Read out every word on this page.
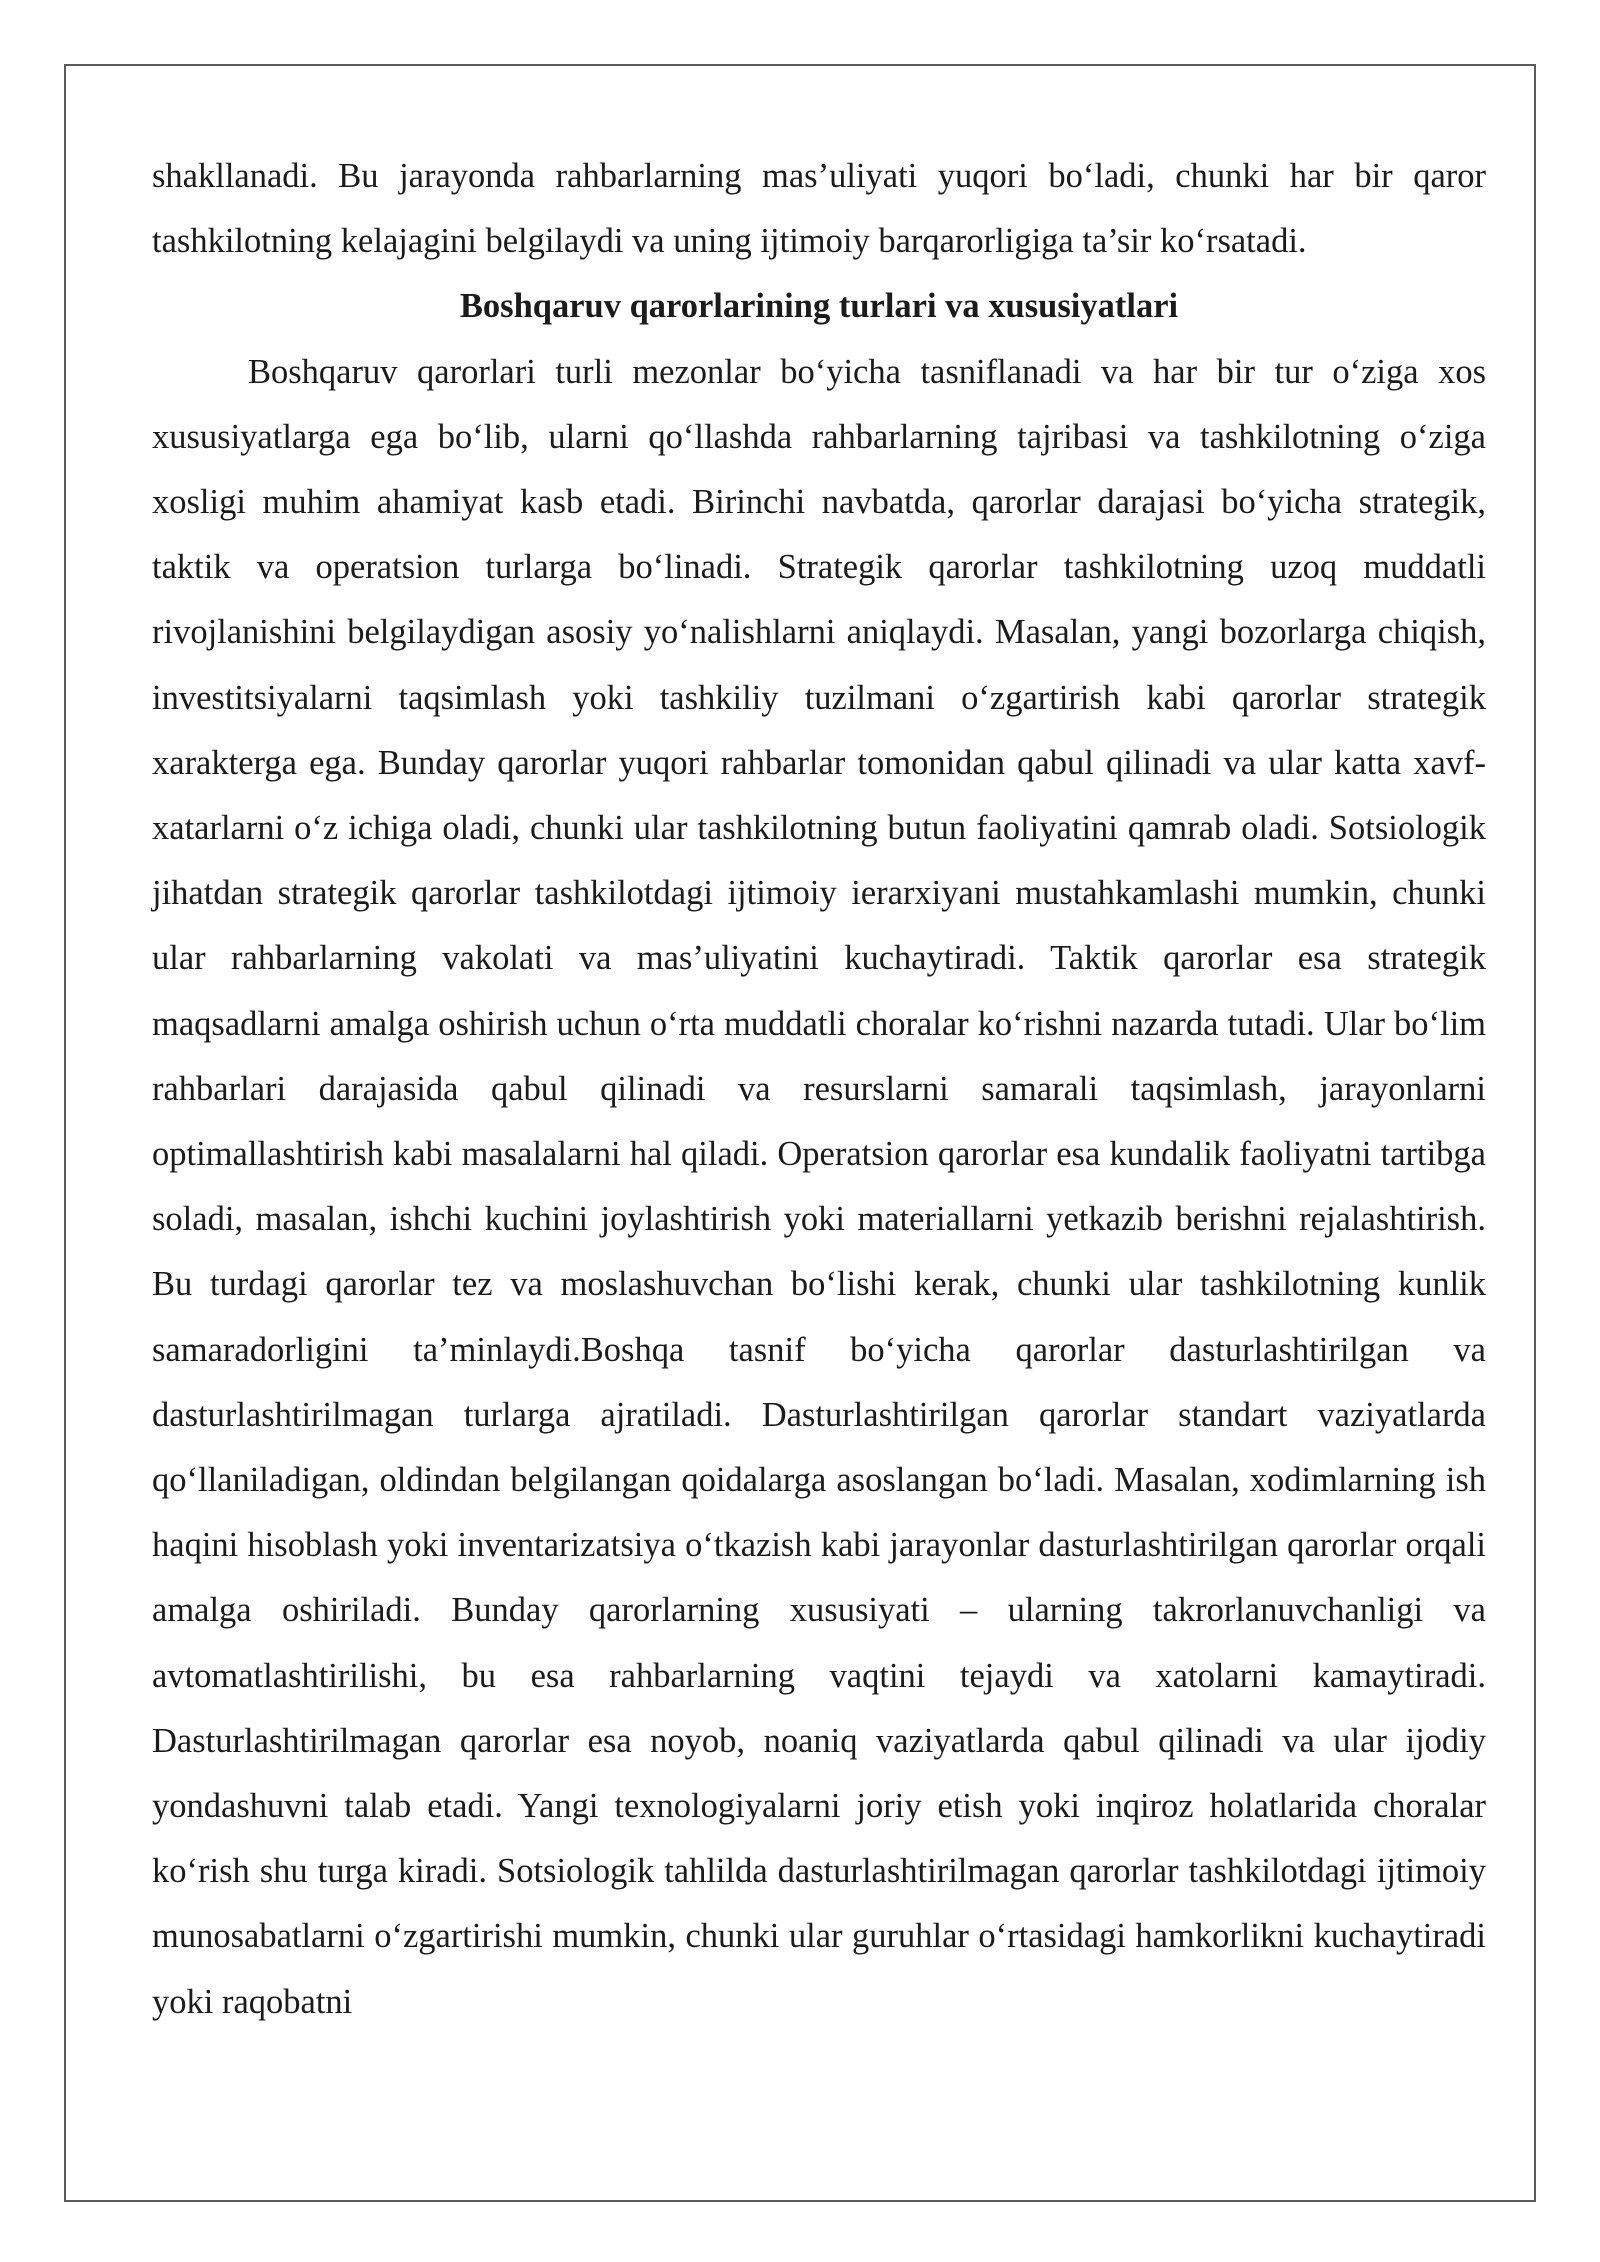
shakllanadi. Bu jarayonda rahbarlarning mas’uliyati yuqori bo‘ladi, chunki har bir qaror tashkilotning kelajagini belgilaydi va uning ijtimoiy barqarorligiga ta’sir ko‘rsatadi.

Boshqaruv qarorlarining turlari va xususiyatlari

Boshqaruv qarorlari turli mezonlar bo‘yicha tasniflanadi va har bir tur o‘ziga xos xususiyatlarga ega bo‘lib, ularni qo‘llashda rahbarlarning tajribasi va tashkilotning o‘ziga xosligi muhim ahamiyat kasb etadi. Birinchi navbatda, qarorlar darajasi bo‘yicha strategik, taktik va operatsion turlarga bo‘linadi. Strategik qarorlar tashkilotning uzoq muddatli rivojlanishini belgilaydigan asosiy yo‘nalishlarni aniqlaydi. Masalan, yangi bozorlarga chiqish, investitsiyalarni taqsimlash yoki tashkiliy tuzilmani o‘zgartirish kabi qarorlar strategik xarakterga ega. Bunday qarorlar yuqori rahbarlar tomonidan qabul qilinadi va ular katta xavf-xatarlarni o‘z ichiga oladi, chunki ular tashkilotning butun faoliyatini qamrab oladi. Sotsiologik jihatdan strategik qarorlar tashkilotdagi ijtimoiy ierarxiyani mustahkamlashi mumkin, chunki ular rahbarlarning vakolati va mas’uliyatini kuchaytiradi. Taktik qarorlar esa strategik maqsadlarni amalga oshirish uchun o‘rta muddatli choralar ko‘rishni nazarda tutadi. Ular bo‘lim rahbarlari darajasida qabul qilinadi va resurslarni samarali taqsimlash, jarayonlarni optimallashtirish kabi masalalarni hal qiladi. Operatsion qarorlar esa kundalik faoliyatni tartibga soladi, masalan, ishchi kuchini joylashtirish yoki materiallarni yetkazib berishni rejalashtirish. Bu turdagi qarorlar tez va moslashuvchan bo‘lishi kerak, chunki ular tashkilotning kunlik samaradorligini ta’minlaydi.Boshqa tasnif bo‘yicha qarorlar dasturlashtirilgan va dasturlashtirilmagan turlarga ajratiladi. Dasturlashtirilgan qarorlar standart vaziyatlarda qo‘llaniladigan, oldindan belgilangan qoidalarga asoslangan bo‘ladi. Masalan, xodimlarning ish haqini hisoblash yoki inventarizatsiya o‘tkazish kabi jarayonlar dasturlashtirilgan qarorlar orqali amalga oshiriladi. Bunday qarorlarning xususiyati – ularning takrorlanuvchanligi va avtomatlashtirilishi, bu esa rahbarlarning vaqtini tejaydi va xatolarni kamaytiradi. Dasturlashtirilmagan qarorlar esa noyob, noaniq vaziyatlarda qabul qilinadi va ular ijodiy yondashuvni talab etadi. Yangi texnologiyalarni joriy etish yoki inqiroz holatlarida choralar ko‘rish shu turga kiradi. Sotsiologik tahlilda dasturlashtirilmagan qarorlar tashkilotdagi ijtimoiy munosabatlarni o‘zgartirishi mumkin, chunki ular guruhlar o‘rtasidagi hamkorlikni kuchaytiradi yoki raqobatni
